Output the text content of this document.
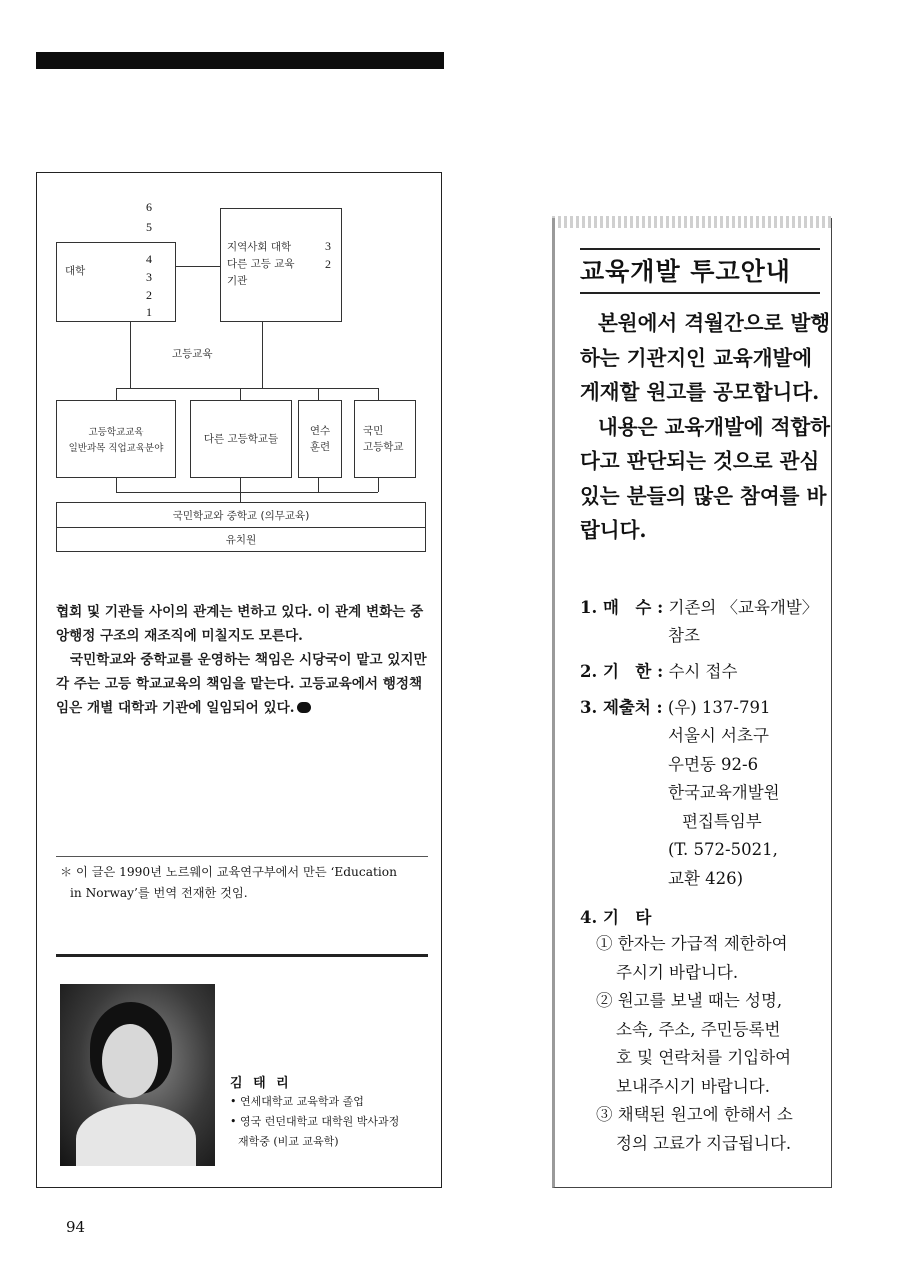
대학
6
5
4
3
2
1
지역사회 대학
다른 고등 교육
기관
3
2
고등교육
고등학교교육
일반과목 직업교육분야
다른 고등학교들
연수
훈련
국민
고등학교
국민학교와 중학교 (의무교육)
유치원

협회 및 기관들 사이의 관계는 변하고 있다. 이 관계 변화는 중앙행정 구조의 재조직에 미칠지도 모른다.

국민학교와 중학교를 운영하는 책임은 시당국이 맡고 있지만 각 주는 고등 학교교육의 책임을 맡는다. 고등교육에서 행정책임은 개별 대학과 기관에 일임되어 있다.

＊ 이 글은 1990년 노르웨이 교육연구부에서 만든 ‘Education
in Norway’를 번역 전재한 것임.
김 태 리
• 연세대학교 교육학과 졸업
• 영국 런던대학교 대학원 박사과정
재학중 (비교 교육학)
94
교육개발 투고안내

본원에서 격월간으로 발행하는 기관지인 교육개발에 게재할 원고를 공모합니다.

내용은 교육개발에 적합하다고 판단되는 것으로 관심있는 분들의 많은 참여를 바랍니다.

1. 매　수 : 기존의 〈교육개발〉
참조
2. 기　한 : 수시 접수
3. 제출처 : (우) 137-791
서울시 서초구
우면동 92-6
한국교육개발원
편집특임부
(T. 572-5021,
교환 426)
4. 기　타
① 한자는 가급적 제한하여
주시기 바랍니다.
② 원고를 보낼 때는 성명,
소속, 주소, 주민등록번
호 및 연락처를 기입하여
보내주시기 바랍니다.
③ 채택된 원고에 한해서 소
정의 고료가 지급됩니다.
